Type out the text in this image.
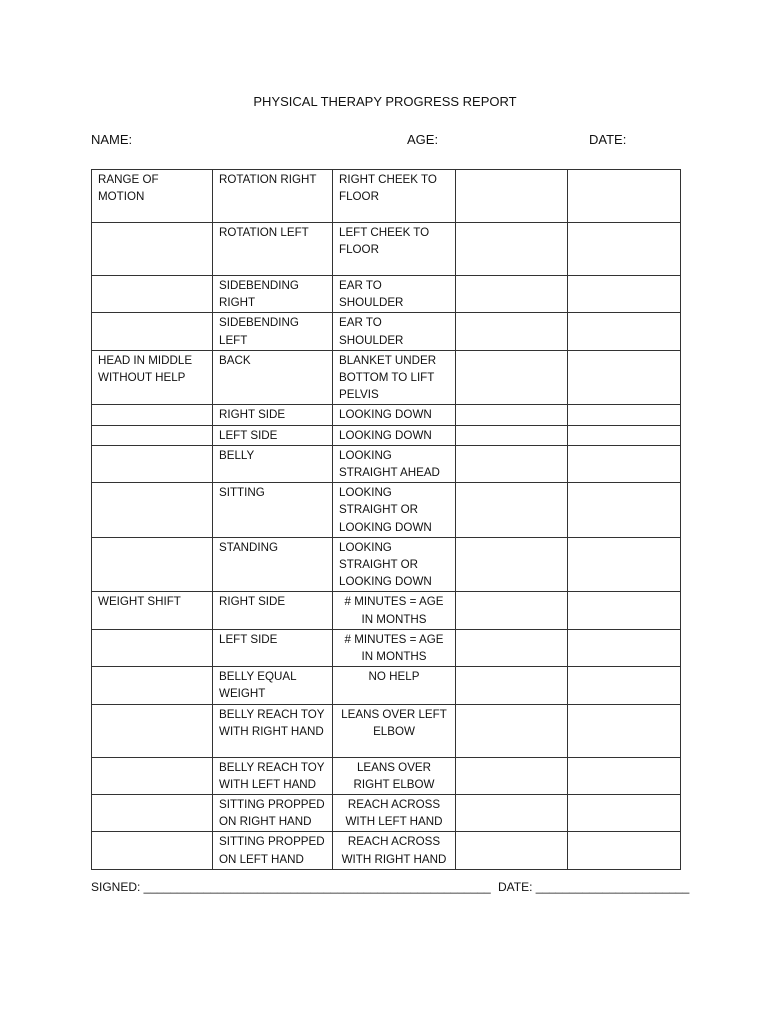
PHYSICAL THERAPY PROGRESS REPORT
NAME:	AGE:	DATE:
RANGE OF MOTION	ROTATION RIGHT	RIGHT CHEEK TO FLOOR		
	ROTATION LEFT	LEFT CHEEK TO FLOOR		
	SIDEBENDING RIGHT	EAR TO SHOULDER		
	SIDEBENDING LEFT	EAR TO SHOULDER		
HEAD IN MIDDLE WITHOUT HELP	BACK	BLANKET UNDER BOTTOM TO LIFT PELVIS		
	RIGHT SIDE	LOOKING DOWN		
	LEFT SIDE	LOOKING DOWN		
	BELLY	LOOKING STRAIGHT AHEAD		
	SITTING	LOOKING STRAIGHT OR LOOKING DOWN		
	STANDING	LOOKING STRAIGHT OR LOOKING DOWN		
WEIGHT SHIFT	RIGHT SIDE	# MINUTES = AGE IN MONTHS		
	LEFT SIDE	# MINUTES = AGE IN MONTHS		
	BELLY EQUAL WEIGHT	NO HELP		
	BELLY REACH TOY WITH RIGHT HAND	LEANS OVER LEFT ELBOW		
	BELLY REACH TOY WITH LEFT HAND	LEANS OVER RIGHT ELBOW		
	SITTING PROPPED ON RIGHT HAND	REACH ACROSS WITH LEFT HAND		
	SITTING PROPPED ON LEFT HAND	REACH ACROSS WITH RIGHT HAND		
SIGNED: ____________________________________________________ DATE: _______________________
